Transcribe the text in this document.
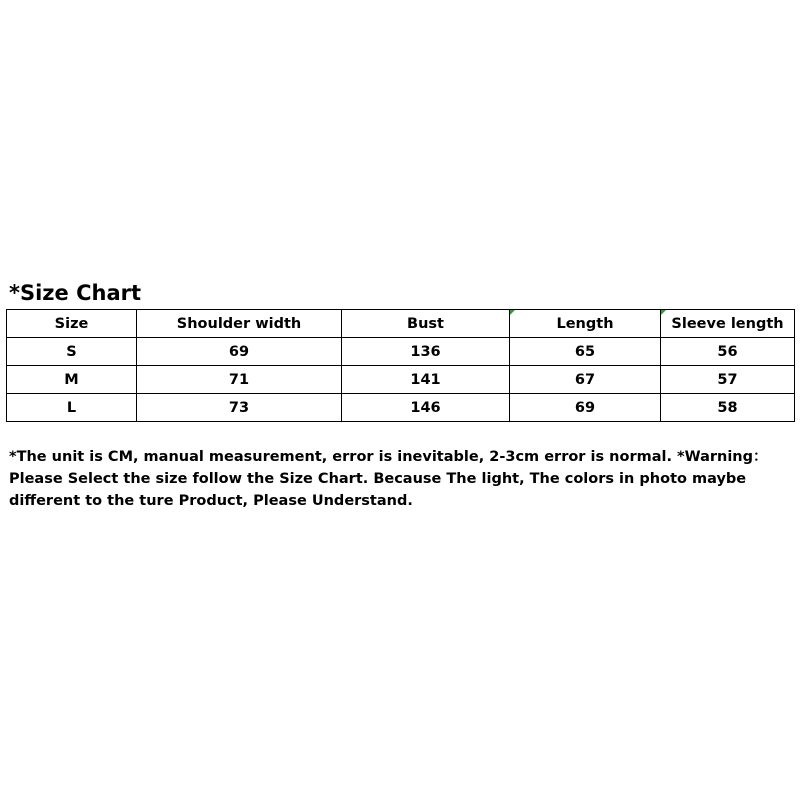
*Size Chart
Size	Shoulder width	Bust	Length	Sleeve length
S	69	136	65	56
M	71	141	67	57
L	73	146	69	58
*The unit is CM, manual measurement, error is inevitable, 2-3cm error is normal. *Warning： Please Select the size follow the Size Chart. Because The light, The colors in photo maybe different to the ture Product, Please Understand.
